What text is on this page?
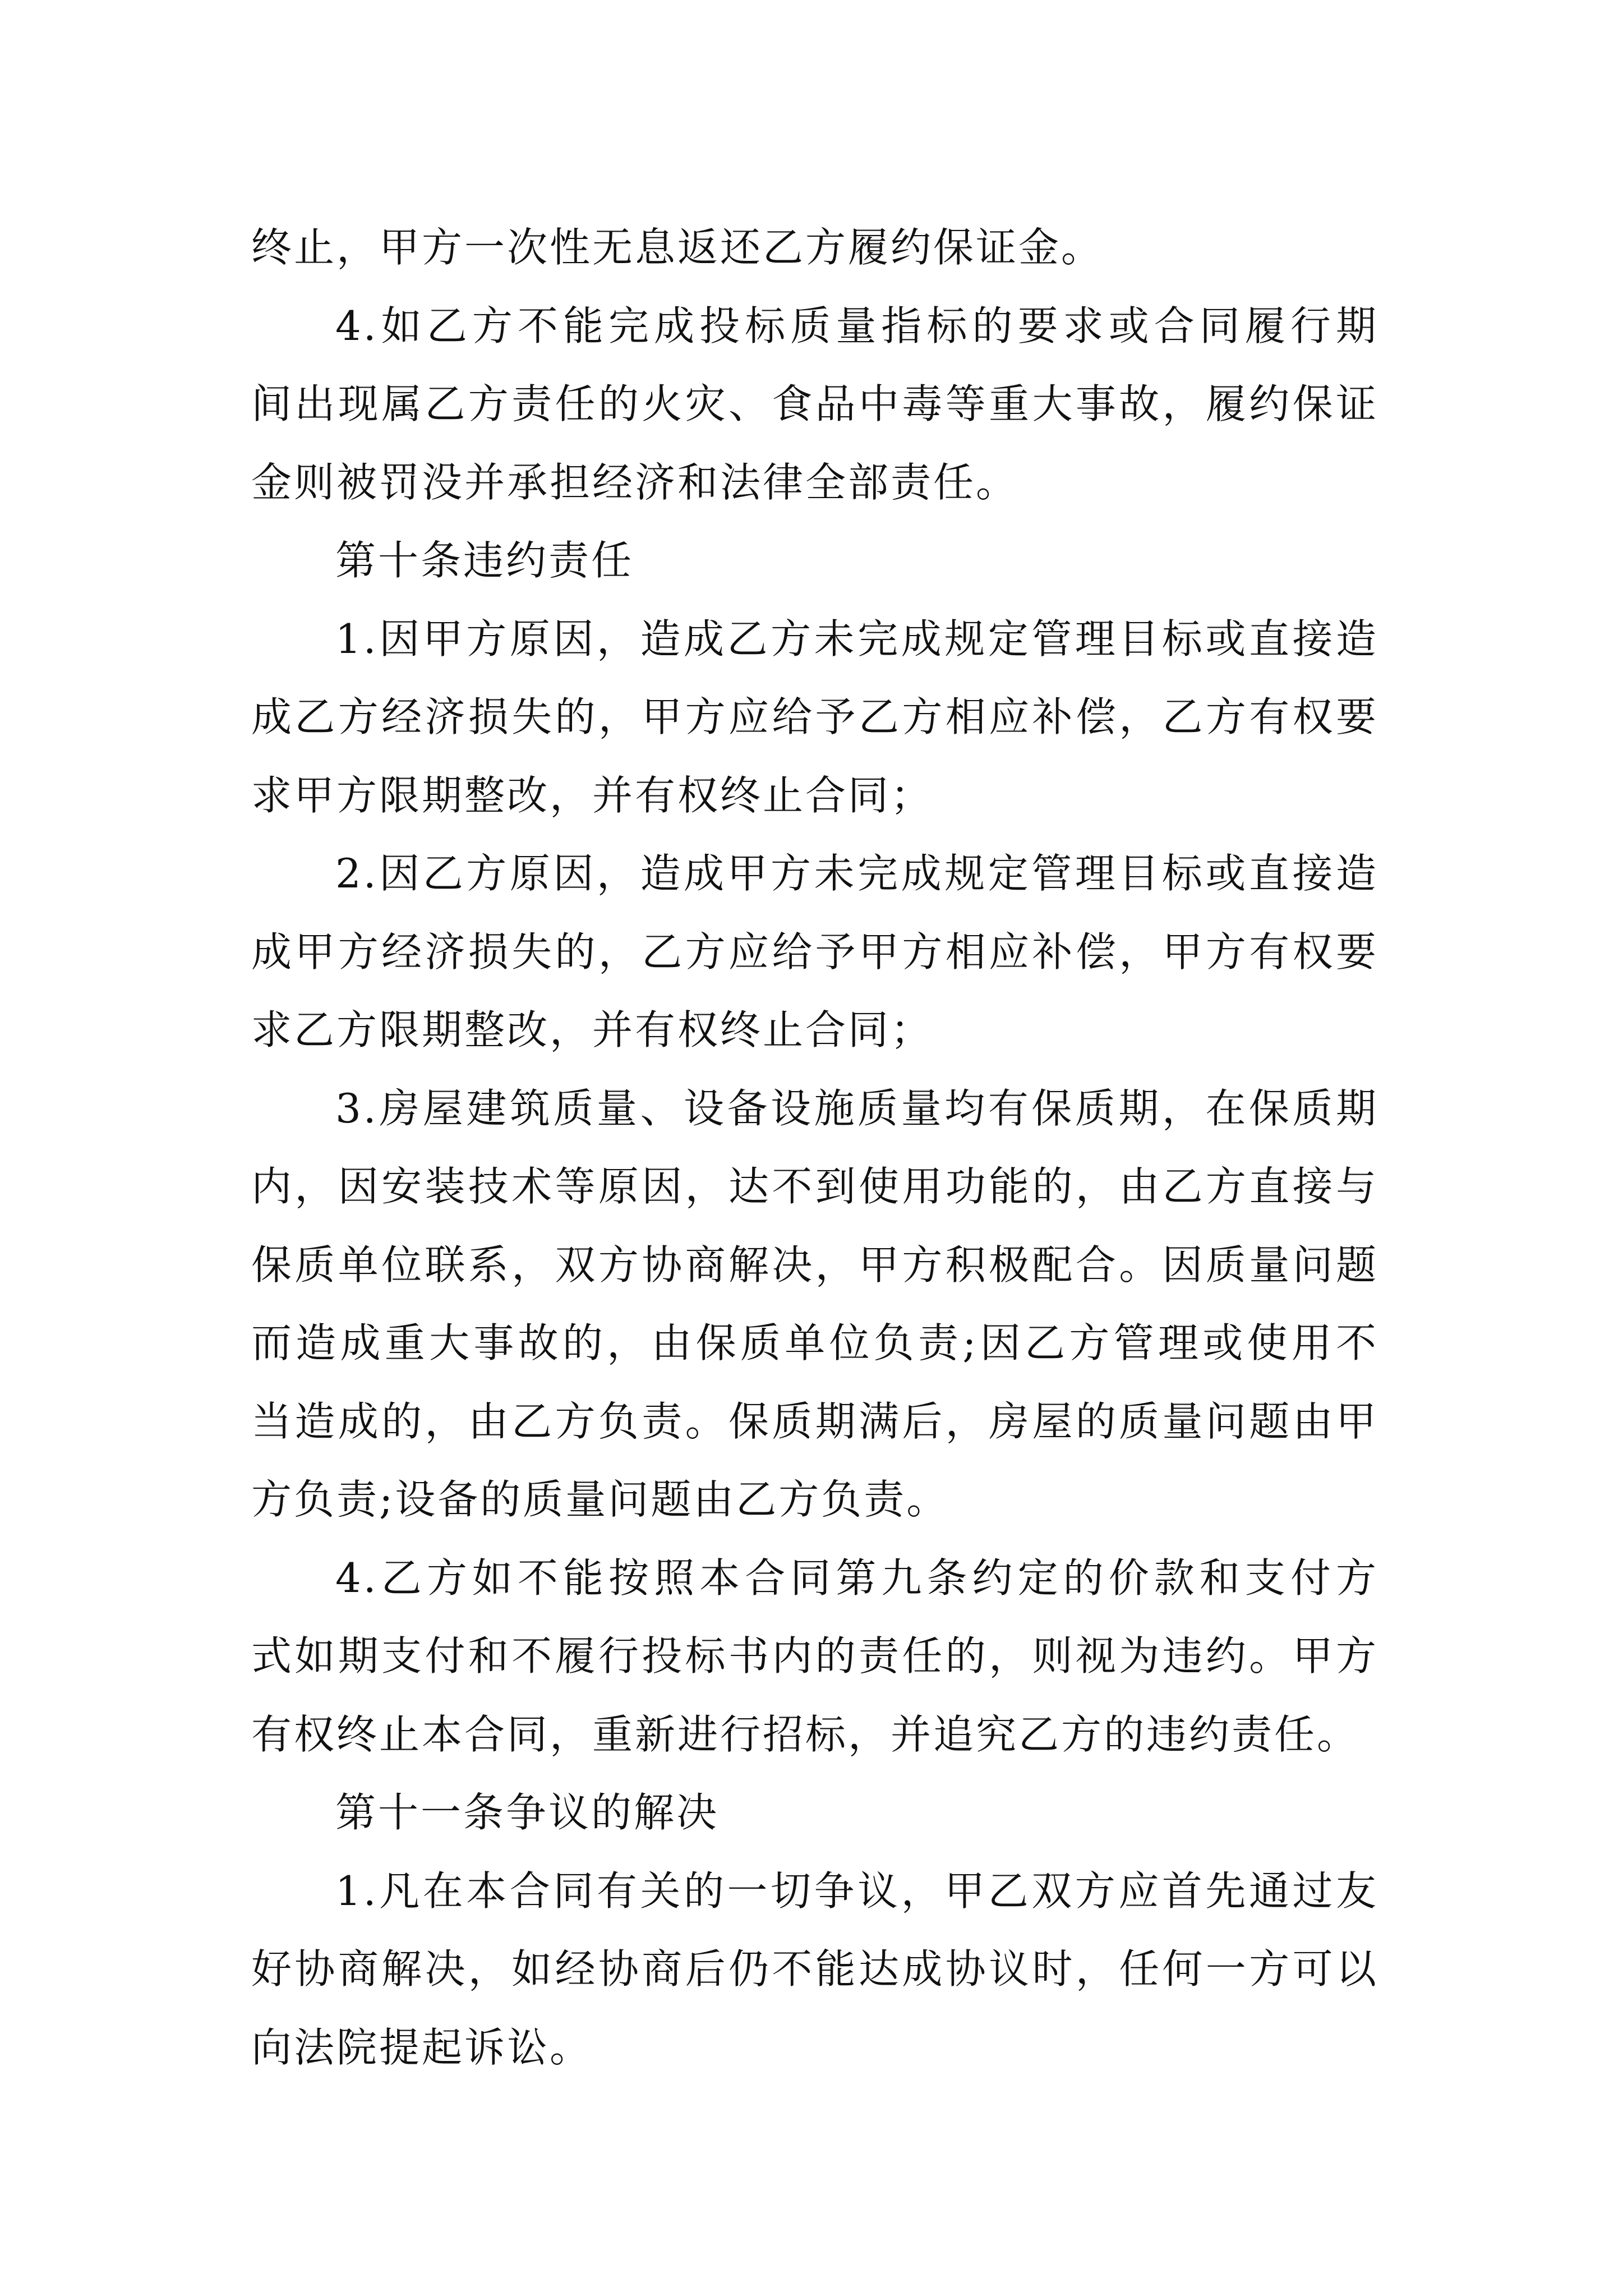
终止，甲方一次性无息返还乙方履约保证金。
4.如乙方不能完成投标质量指标的要求或合同履行期
间出现属乙方责任的火灾、食品中毒等重大事故，履约保证
金则被罚没并承担经济和法律全部责任。
第十条违约责任
1.因甲方原因，造成乙方未完成规定管理目标或直接造
成乙方经济损失的，甲方应给予乙方相应补偿，乙方有权要
求甲方限期整改，并有权终止合同；
2.因乙方原因，造成甲方未完成规定管理目标或直接造
成甲方经济损失的，乙方应给予甲方相应补偿，甲方有权要
求乙方限期整改，并有权终止合同；
3.房屋建筑质量、设备设施质量均有保质期，在保质期
内，因安装技术等原因，达不到使用功能的，由乙方直接与
保质单位联系，双方协商解决，甲方积极配合。因质量问题
而造成重大事故的，由保质单位负责;因乙方管理或使用不
当造成的，由乙方负责。保质期满后，房屋的质量问题由甲
方负责;设备的质量问题由乙方负责。
4.乙方如不能按照本合同第九条约定的价款和支付方
式如期支付和不履行投标书内的责任的，则视为违约。甲方
有权终止本合同，重新进行招标，并追究乙方的违约责任。
第十一条争议的解决
1.凡在本合同有关的一切争议，甲乙双方应首先通过友
好协商解决，如经协商后仍不能达成协议时，任何一方可以
向法院提起诉讼。
